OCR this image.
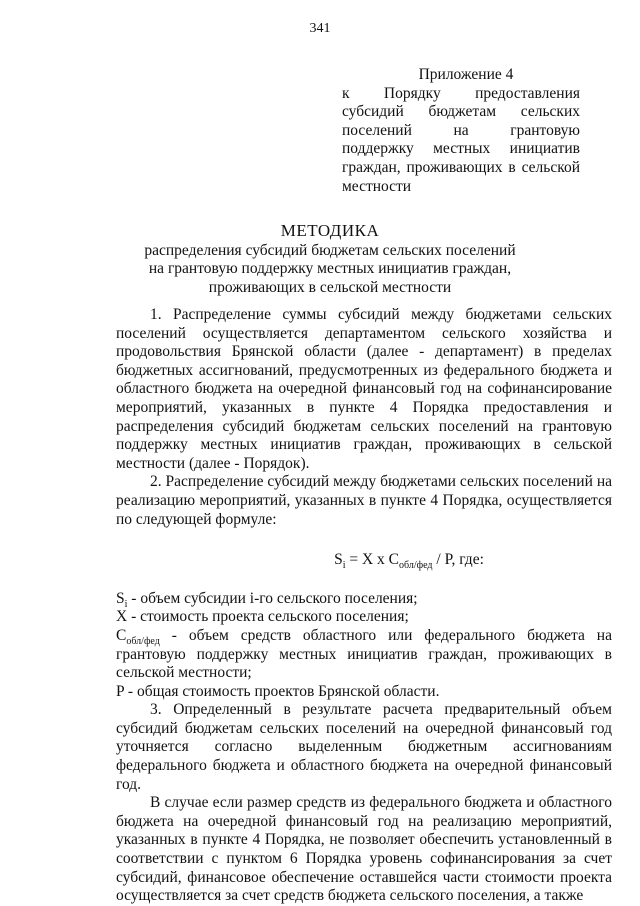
341
Приложение 4
к Порядку предоставления субсидий бюджетам сельских поселений на грантовую поддержку местных инициатив граждан, проживающих в сельской местности
МЕТОДИКА
распределения субсидий бюджетам сельских поселений
на грантовую поддержку местных инициатив граждан,
проживающих в сельской местности

1. Распределение суммы субсидий между бюджетами сельских поселений осуществляется департаментом сельского хозяйства и продовольствия Брянской области (далее - департамент) в пределах бюджетных ассигнований, предусмотренных из федерального бюджета и областного бюджета на очередной финансовый год на софинансирование мероприятий, указанных в пункте 4 Порядка предоставления и распределения субсидий бюджетам сельских поселений на грантовую поддержку местных инициатив граждан, проживающих в сельской местности (далее - Порядок).

2. Распределение субсидий между бюджетами сельских поселений на реализацию мероприятий, указанных в пункте 4 Порядка, осуществляется по следующей формуле:

$S_i = X$ x $C_{обл/фед}$ / P, где:

$S_i$ - объем субсидии i-го сельского поселения;

X - стоимость проекта сельского поселения;

$C_{обл/фед}$ - объем средств областного или федерального бюджета на грантовую поддержку местных инициатив граждан, проживающих в сельской местности;

P - общая стоимость проектов Брянской области.

3. Определенный в результате расчета предварительный объем субсидий бюджетам сельских поселений на очередной финансовый год уточняется согласно выделенным бюджетным ассигнованиям федерального бюджета и областного бюджета на очередной финансовый год.

В случае если размер средств из федерального бюджета и областного бюджета на очередной финансовый год на реализацию мероприятий, указанных в пункте 4 Порядка, не позволяет обеспечить установленный в соответствии с пунктом 6 Порядка уровень софинансирования за счет субсидий, финансовое обеспечение оставшейся части стоимости проекта осуществляется за счет средств бюджета сельского поселения, а также
